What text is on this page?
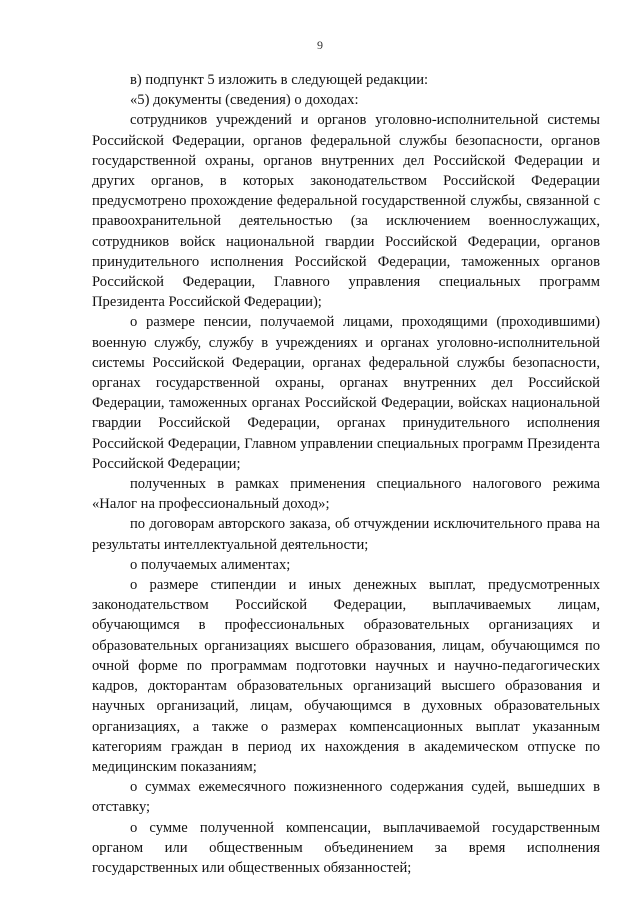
9

в) подпункт 5 изложить в следующей редакции:

«5) документы (сведения) о доходах:

сотрудников учреждений и органов уголовно-исполнительной системы Российской Федерации, органов федеральной службы безопасности, органов государственной охраны, органов внутренних дел Российской Федерации и других органов, в которых законодательством Российской Федерации предусмотрено прохождение федеральной государственной службы, связанной с правоохранительной деятельностью (за исключением военнослужащих, сотрудников войск национальной гвардии Российской Федерации, органов принудительного исполнения Российской Федерации, таможенных органов Российской Федерации, Главного управления специальных программ Президента Российской Федерации);

о размере пенсии, получаемой лицами, проходящими (проходившими) военную службу, службу в учреждениях и органах уголовно-исполнительной системы Российской Федерации, органах федеральной службы безопасности, органах государственной охраны, органах внутренних дел Российской Федерации, таможенных органах Российской Федерации, войсках национальной гвардии Российской Федерации, органах принудительного исполнения Российской Федерации, Главном управлении специальных программ Президента Российской Федерации;

полученных в рамках применения специального налогового режима «Налог на профессиональный доход»;

по договорам авторского заказа, об отчуждении исключительного права на результаты интеллектуальной деятельности;

о получаемых алиментах;

о размере стипендии и иных денежных выплат, предусмотренных законодательством Российской Федерации, выплачиваемых лицам, обучающимся в профессиональных образовательных организациях и образовательных организациях высшего образования, лицам, обучающимся по очной форме по программам подготовки научных и научно-педагогических кадров, докторантам образовательных организаций высшего образования и научных организаций, лицам, обучающимся в духовных образовательных организациях, а также о размерах компенсационных выплат указанным категориям граждан в период их нахождения в академическом отпуске по медицинским показаниям;

о суммах ежемесячного пожизненного содержания судей, вышедших в отставку;

о сумме полученной компенсации, выплачиваемой государственным органом или общественным объединением за время исполнения государственных или общественных обязанностей;
